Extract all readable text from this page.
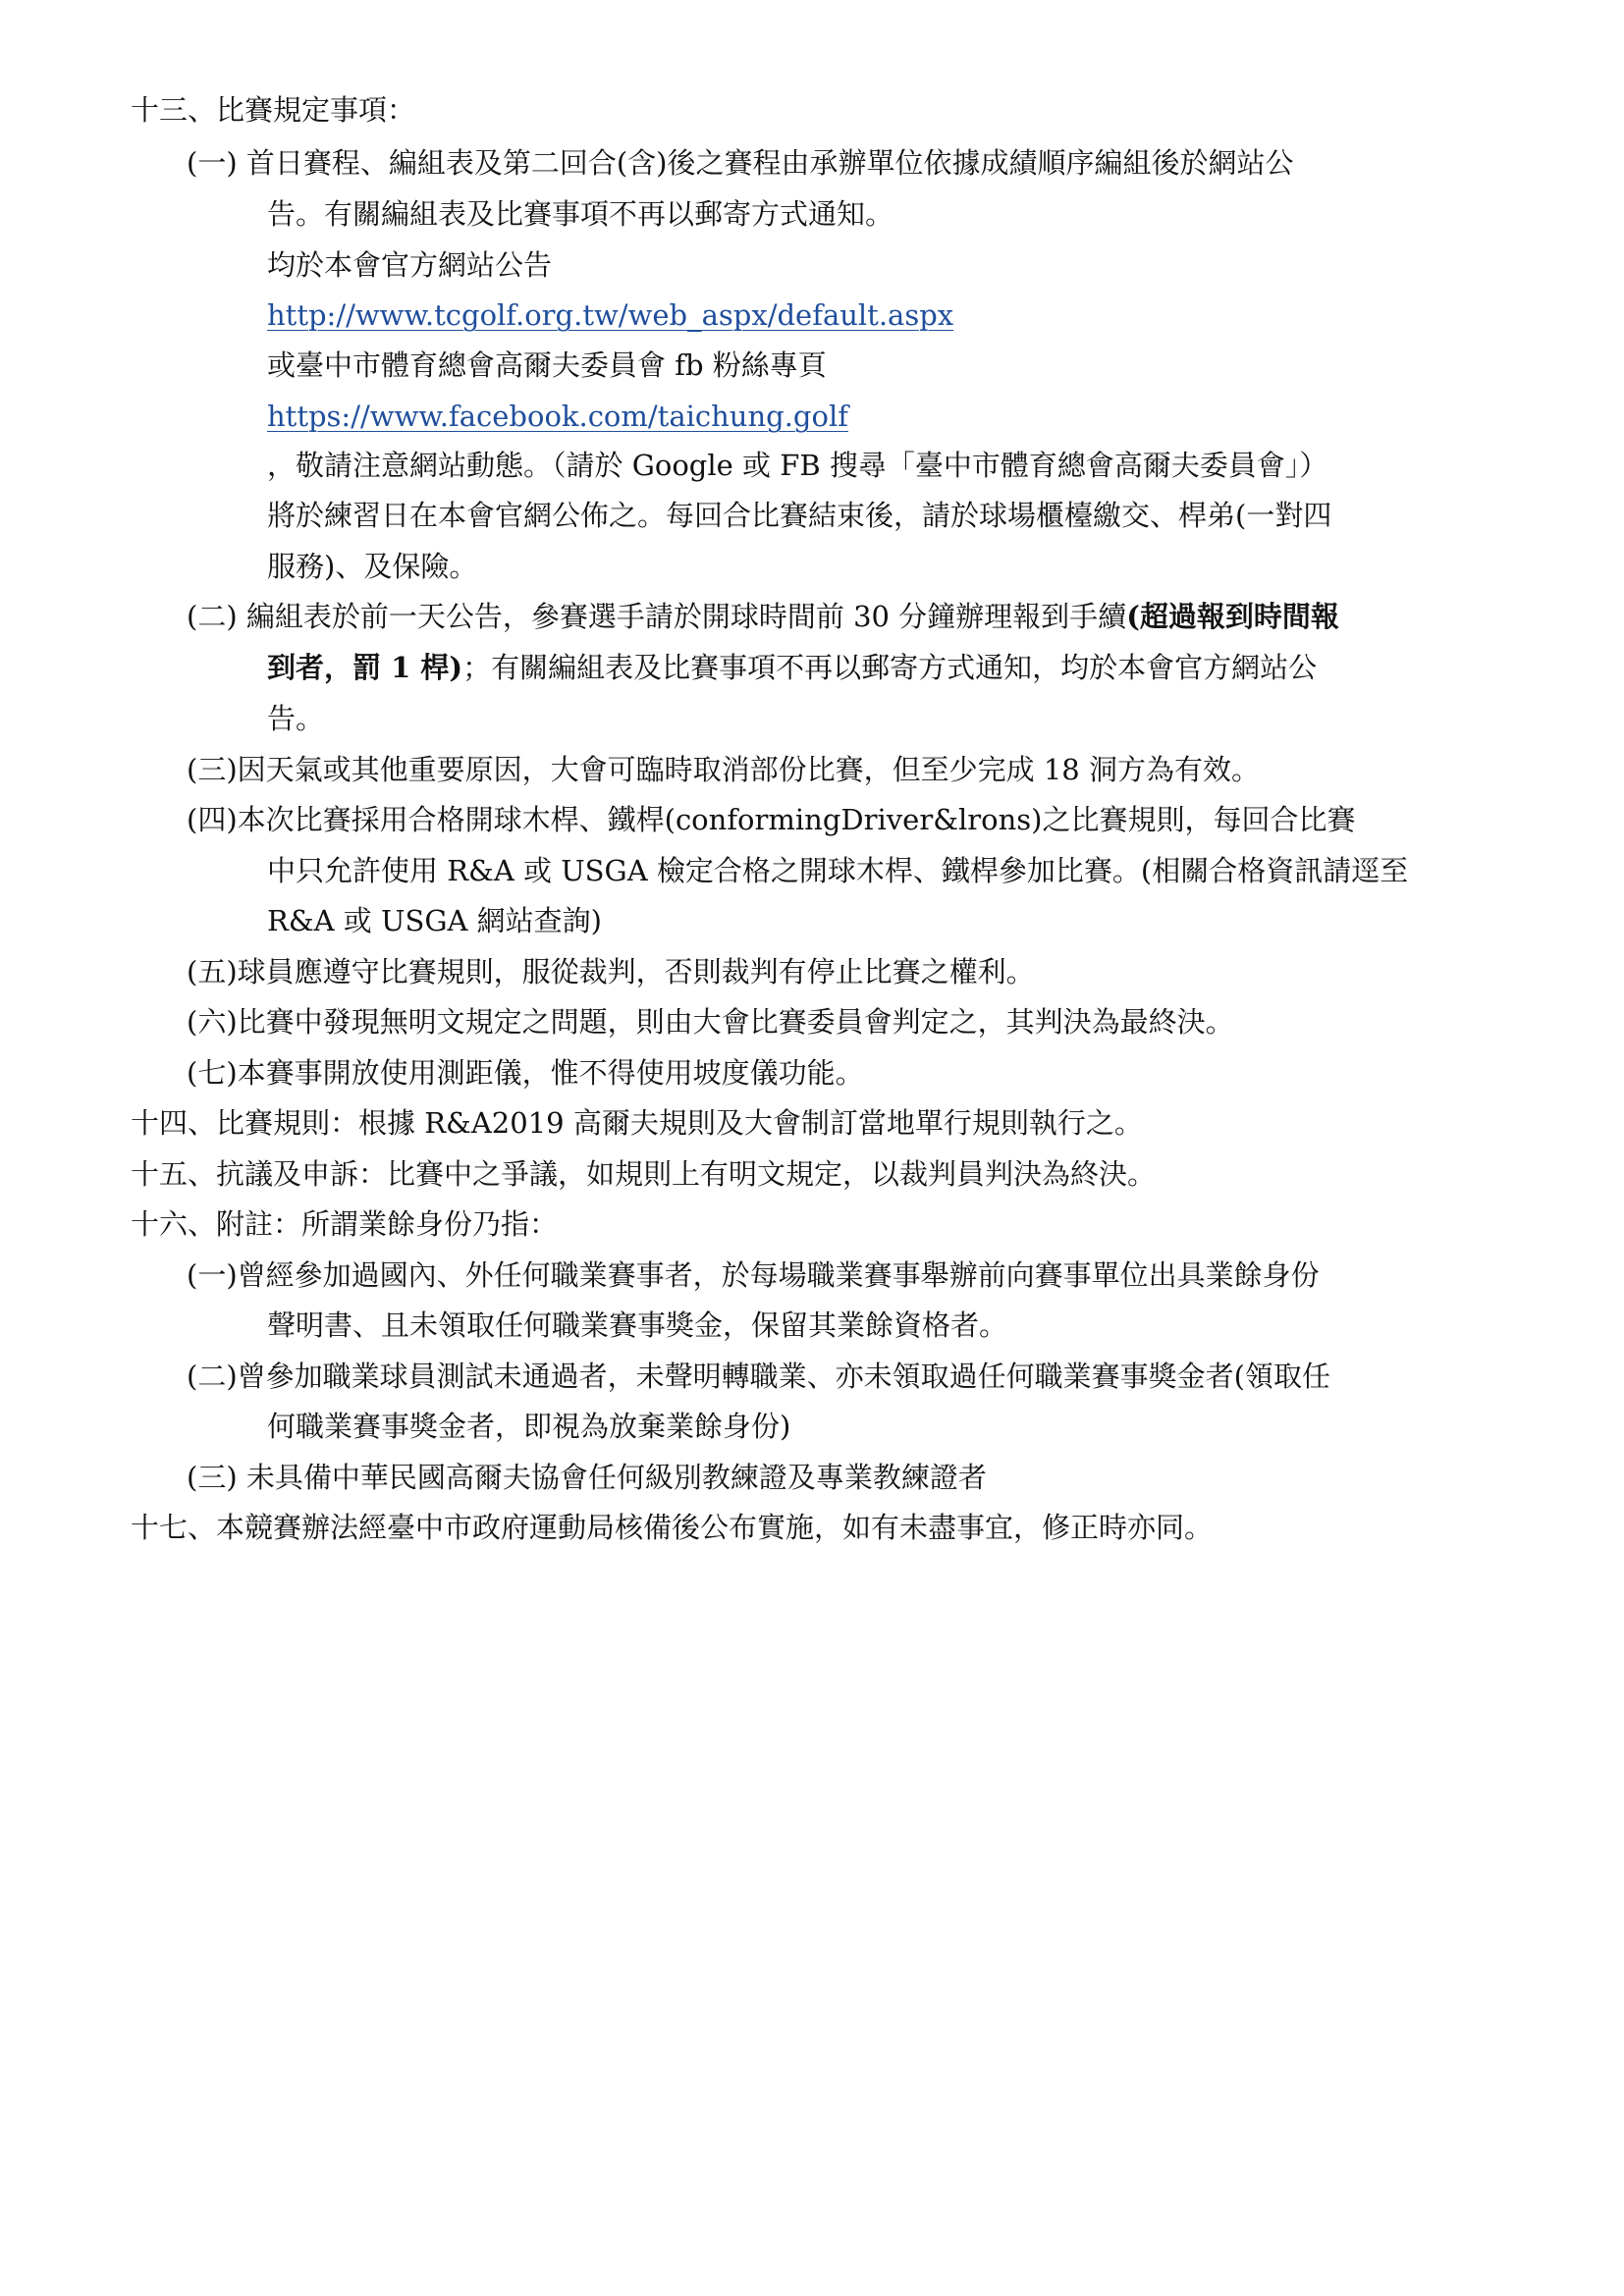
十三、比賽規定事項：
(一) 首日賽程、編組表及第二回合(含)後之賽程由承辦單位依據成績順序編組後於網站公
告。有關編組表及比賽事項不再以郵寄方式通知。
均於本會官方網站公告
http://www.tcgolf.org.tw/web_aspx/default.aspx
或臺中市體育總會高爾夫委員會 fb 粉絲專頁
https://www.facebook.com/taichung.golf
，敬請注意網站動態。（請於 Google 或 FB 搜尋「臺中市體育總會高爾夫委員會」）
將於練習日在本會官網公佈之。每回合比賽結束後，請於球場櫃檯繳交、桿弟(一對四
服務)、及保險。
(二) 編組表於前一天公告，參賽選手請於開球時間前 30 分鐘辦理報到手續(超過報到時間報
到者，罰 1 桿)；有關編組表及比賽事項不再以郵寄方式通知，均於本會官方網站公
告。
(三)因天氣或其他重要原因，大會可臨時取消部份比賽，但至少完成 18 洞方為有效。
(四)本次比賽採用合格開球木桿、鐵桿(conformingDriver&lrons)之比賽規則，每回合比賽
中只允許使用 R&A 或 USGA 檢定合格之開球木桿、鐵桿參加比賽。(相關合格資訊請逕至
R&A 或 USGA 網站查詢)
(五)球員應遵守比賽規則，服從裁判，否則裁判有停止比賽之權利。
(六)比賽中發現無明文規定之問題，則由大會比賽委員會判定之，其判決為最終決。
(七)本賽事開放使用測距儀，惟不得使用坡度儀功能。
十四、比賽規則：根據 R&A2019 高爾夫規則及大會制訂當地單行規則執行之。
十五、抗議及申訴：比賽中之爭議，如規則上有明文規定，以裁判員判決為終決。
十六、附註：所謂業餘身份乃指：
(一)曾經參加過國內、外任何職業賽事者，於每場職業賽事舉辦前向賽事單位出具業餘身份
聲明書、且未領取任何職業賽事獎金，保留其業餘資格者。
(二)曾參加職業球員測試未通過者，未聲明轉職業、亦未領取過任何職業賽事獎金者(領取任
何職業賽事獎金者，即視為放棄業餘身份)
(三) 未具備中華民國高爾夫協會任何級別教練證及專業教練證者
十七、本競賽辦法經臺中市政府運動局核備後公布實施，如有未盡事宜，修正時亦同。
